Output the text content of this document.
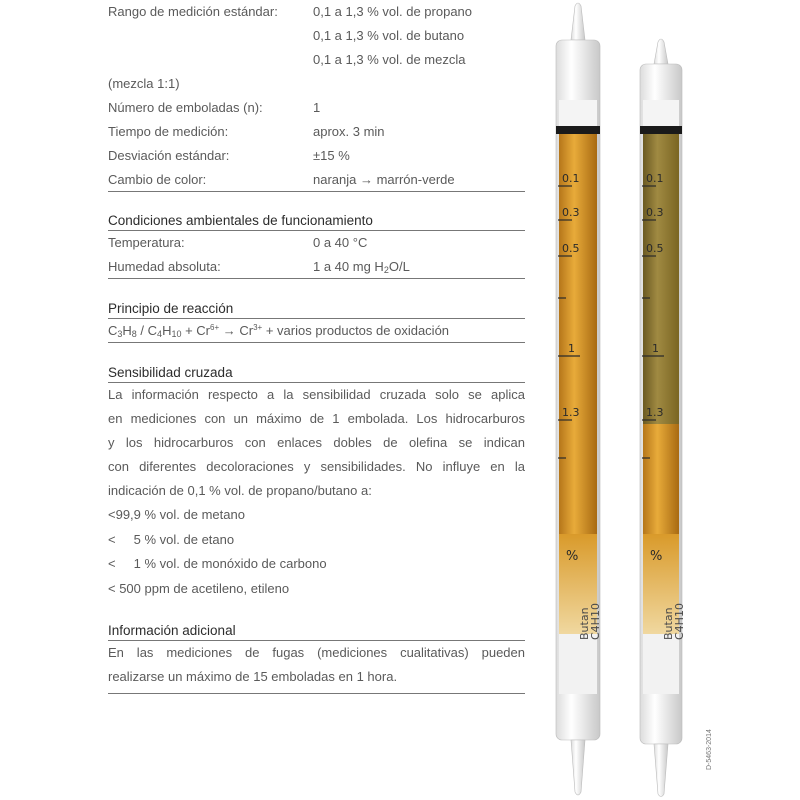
Rango de medición estándar:	0,1 a 1,3 % vol. de propano
0,1 a 1,3 % vol. de butano
0,1 a 1,3 % vol. de mezcla
(mezcla 1:1)
Número de emboladas (n):	1
Tiempo de medición:	aprox. 3 min
Desviación estándar:	±15 %
Cambio de color:	naranja → marrón-verde
Condiciones ambientales de funcionamiento
Temperatura:	0 a 40 °C
Humedad absoluta:	1 a 40 mg $H_2O/L$
Principio de reacción
$C_3H_8 / C_4H_{10} + Cr^{6+} \to Cr^{3+}$ + varios productos de oxidación
Sensibilidad cruzada
La información respecto a la sensibilidad cruzada solo se aplica
en mediciones con un máximo de 1 embolada. Los hidrocarburos
y los hidrocarburos con enlaces dobles de olefina se indican
con diferentes decoloraciones y sensibilidades. No influye en la
indicación de 0,1 % vol. de propano/butano a:
<99,9 % vol. de metano
<     5 % vol. de etano
<     1 % vol. de monóxido de carbono
< 500 ppm de acetileno, etileno
Información adicional
En las mediciones de fugas (mediciones cualitativas) pueden
realizarse un máximo de 15 emboladas en 1 hora.
0.1
0.3
0.5
1
1.3
%
Butan
C4H10
0.1
0.3
0.5
1
1.3
%
Butan
C4H10
D-5463-2014
